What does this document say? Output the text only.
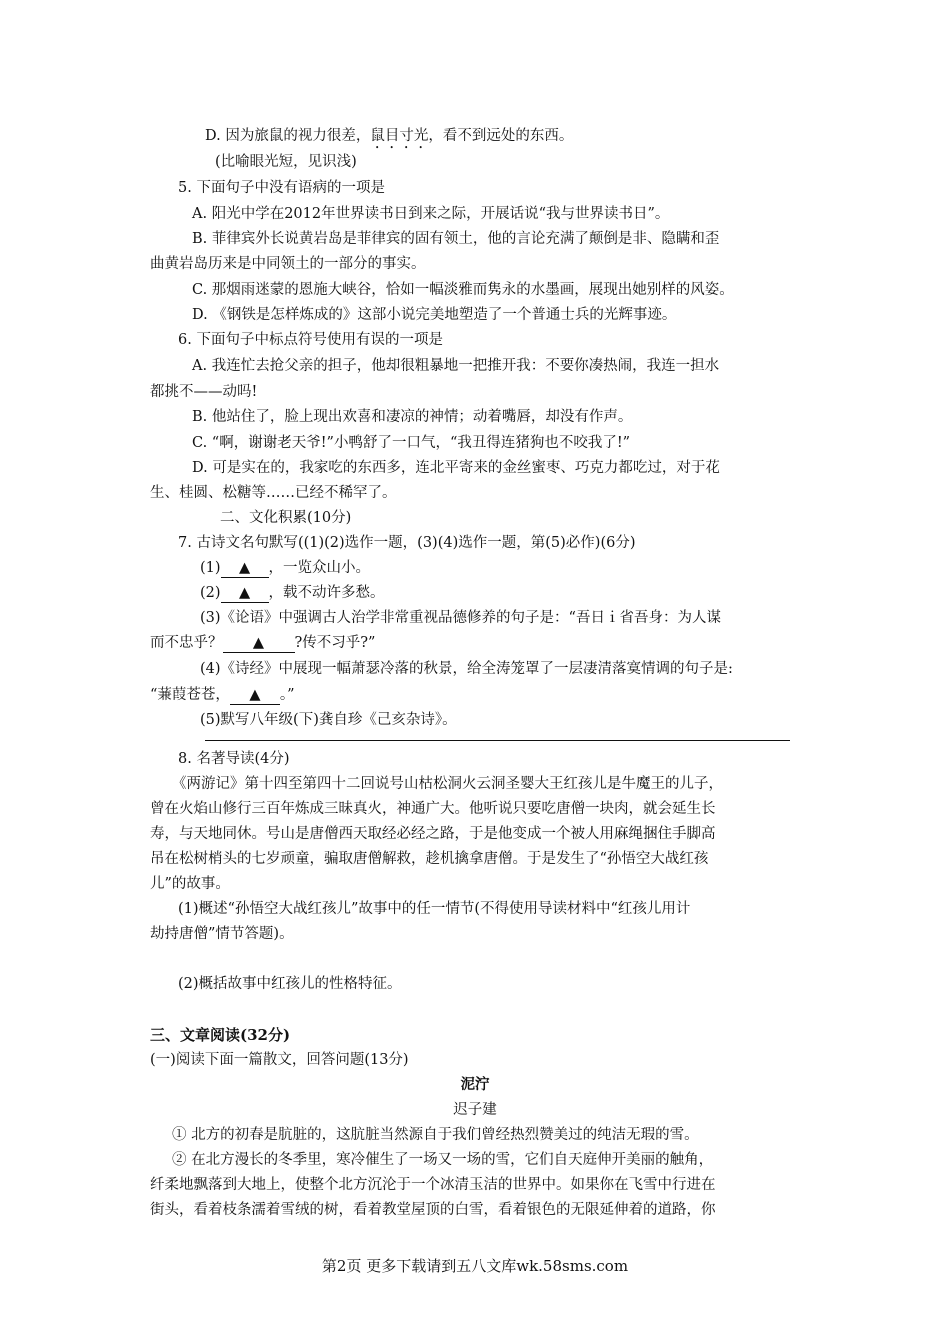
D. 因为旅鼠的视力很差，鼠目寸光，看不到远处的东西。
(比喻眼光短，见识浅)
5. 下面句子中没有语病的一项是
A. 阳光中学在2012年世界读书日到来之际，开展话说“我与世界读书日”。
B. 菲律宾外长说黄岩岛是菲律宾的固有领土，他的言论充满了颠倒是非、隐瞒和歪
曲黄岩岛历来是中同领土的一部分的事实。
C. 那烟雨迷蒙的恩施大峡谷，恰如一幅淡雅而隽永的水墨画，展现出她别样的风姿。
D. 《钢铁是怎样炼成的》这部小说完美地塑造了一个普通士兵的光辉事迹。
6. 下面句子中标点符号使用有误的一项是
A. 我连忙去抢父亲的担子，他却很粗暴地一把推开我：不要你凑热闹，我连一担水
都挑不——动吗!
B. 他站住了，脸上现出欢喜和凄凉的神情；动着嘴唇，却没有作声。
C. “啊，谢谢老天爷!”小鸭舒了一口气，“我丑得连猪狗也不咬我了!”
D. 可是实在的，我家吃的东西多，连北平寄来的金丝蜜枣、巧克力都吃过，对于花
生、桂圆、松糖等……已经不稀罕了。
二、文化积累(10分)
7. 古诗文名句默写((1)(2)选作一题，(3)(4)选作一题，第(5)必作)(6分)
(1) ▲ ，一览众山小。
(2) ▲ ，载不动许多愁。
(3)《论语》中强调古人治学非常重视品德修养的句子是：“吾日ｉ省吾身：为人谋
而不忠乎？ ▲ ?传不习乎?”
(4)《诗经》中展现一幅萧瑟冷落的秋景，给全涛笼罩了一层凄清落寞情调的句子是:
“蒹葭苍苍， ▲ 。”
(5)默写八年级(下)龚自珍《己亥杂诗》。
8. 名著导读(4分)
《两游记》第十四至第四十二回说号山枯松洞火云洞圣婴大王红孩儿是牛魔王的儿子，
曾在火焰山修行三百年炼成三昧真火，神通广大。他听说只要吃唐僧一块肉，就会延生长
寿，与天地同休。号山是唐僧西天取经必经之路，于是他变成一个被人用麻绳捆住手脚高
吊在松树梢头的七岁顽童，骗取唐僧解救，趁机擒拿唐僧。于是发生了“孙悟空大战红孩
儿”的故事。
(1)概述“孙悟空大战红孩儿”故事中的任一情节(不得使用导读材料中“红孩儿用计
劫持唐僧”情节答题)。
(2)概括故事中红孩儿的性格特征。
三、文章阅读(32分)
(一)阅读下面一篇散文，回答问题(13分)
泥泞
迟子建
① 北方的初春是肮脏的，这肮脏当然源自于我们曾经热烈赞美过的纯洁无瑕的雪。
② 在北方漫长的冬季里，寒冷催生了一场又一场的雪，它们自天庭伸开美丽的触角，
纤柔地飘落到大地上，使整个北方沉沦于一个冰清玉洁的世界中。如果你在飞雪中行进在
街头，看着枝条濡着雪绒的树，看着教堂屋顶的白雪，看着银色的无限延伸着的道路，你
第2页 更多下载请到五八文库wk.58sms.com
